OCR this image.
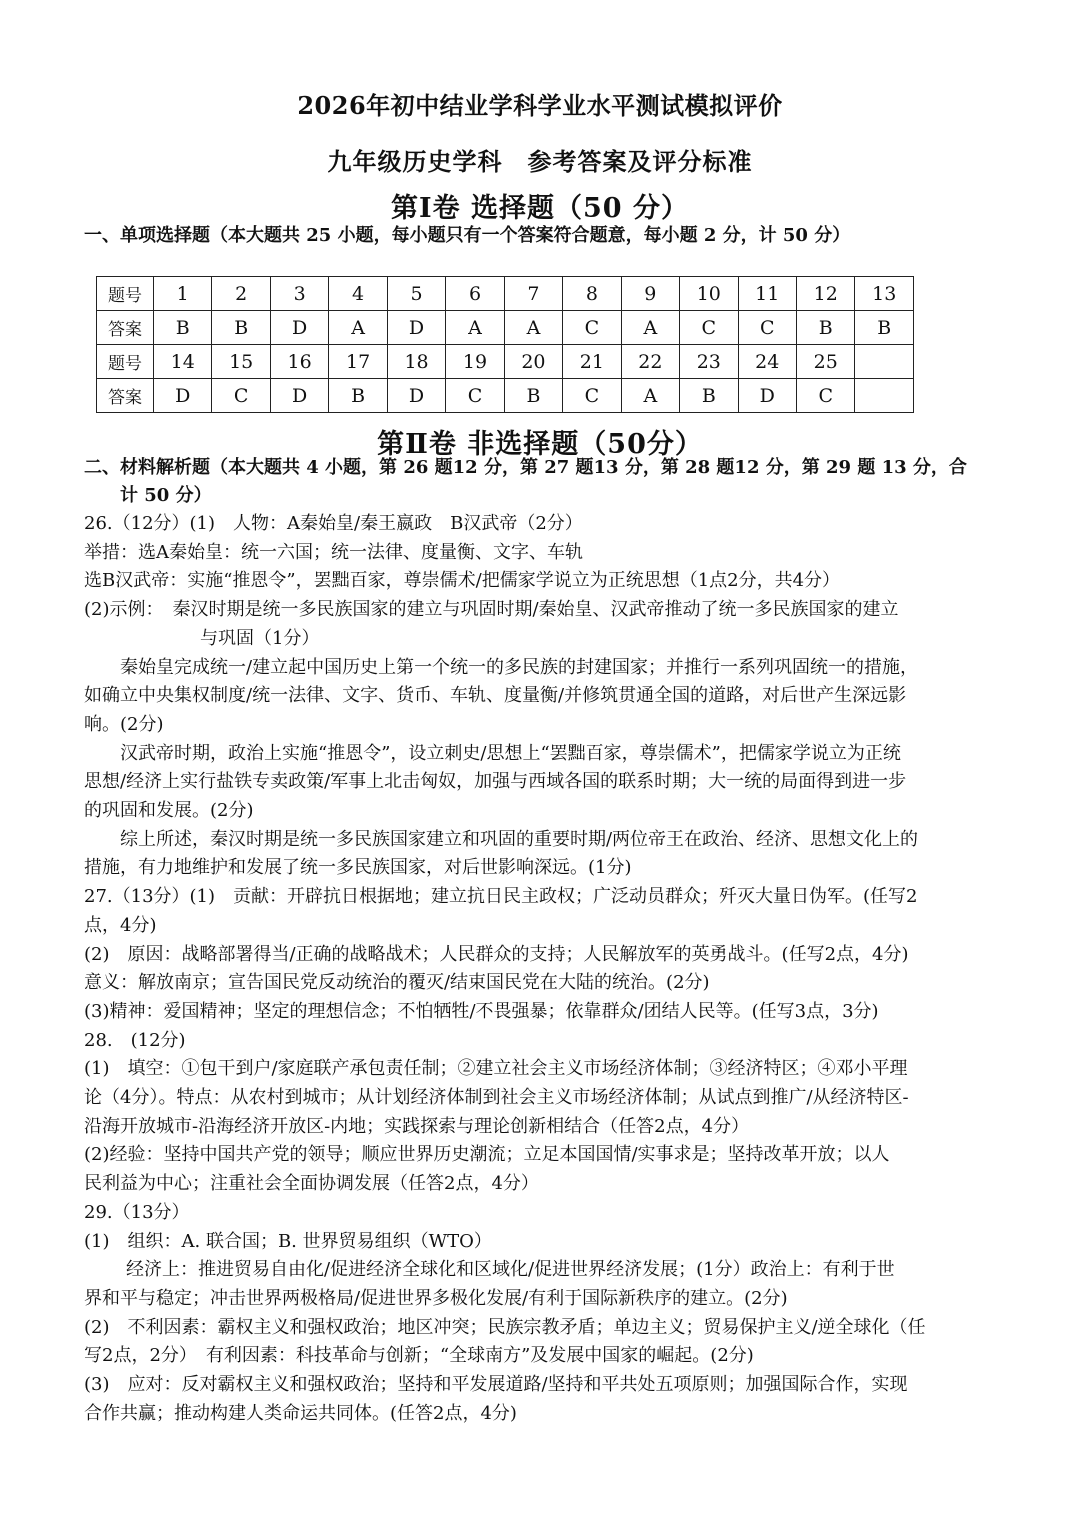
2026年初中结业学科学业水平测试模拟评价
九年级历史学科　参考答案及评分标准
第Ⅰ卷 选择题（50 分）
一、单项选择题（本大题共 25 小题，每小题只有一个答案符合题意，每小题 2 分，计 50 分）
题号	1	2	3	4	5	6	7	8	9	10	11	12	13
答案	B	B	D	A	D	A	A	C	A	C	C	B	B
题号	14	15	16	17	18	19	20	21	22	23	24	25	
答案	D	C	D	B	D	C	B	C	A	B	D	C	
第Ⅱ卷 非选择题（50分）
二、材料解析题（本大题共 4 小题，第 26 题12 分，第 27 题13 分，第 28 题12 分，第 29 题 13 分，合
计 50 分）

26.（12分）(1)　人物：A秦始皇/秦王嬴政　B汉武帝（2分）

举措：选A秦始皇：统一六国；统一法律、度量衡、文字、车轨

选B汉武帝：实施“推恩令”，罢黜百家，尊崇儒术/把儒家学说立为正统思想（1点2分，共4分）

(2)示例：　秦汉时期是统一多民族国家的建立与巩固时期/秦始皇、汉武帝推动了统一多民族国家的建立

与巩固（1分）

秦始皇完成统一/建立起中国历史上第一个统一的多民族的封建国家；并推行一系列巩固统一的措施，

如确立中央集权制度/统一法律、文字、货币、车轨、度量衡/并修筑贯通全国的道路，对后世产生深远影

响。(2分)

汉武帝时期，政治上实施“推恩令”，设立刺史/思想上“罢黜百家，尊崇儒术”，把儒家学说立为正统

思想/经济上实行盐铁专卖政策/军事上北击匈奴，加强与西域各国的联系时期；大一统的局面得到进一步

的巩固和发展。(2分)

综上所述，秦汉时期是统一多民族国家建立和巩固的重要时期/两位帝王在政治、经济、思想文化上的

措施，有力地维护和发展了统一多民族国家，对后世影响深远。(1分)

27.（13分）(1)　贡献：开辟抗日根据地；建立抗日民主政权；广泛动员群众；歼灭大量日伪军。(任写2

点，4分)

(2)　原因：战略部署得当/正确的战略战术；人民群众的支持；人民解放军的英勇战斗。(任写2点，4分)

意义：解放南京；宣告国民党反动统治的覆灭/结束国民党在大陆的统治。(2分)

(3)精神：爱国精神；坚定的理想信念；不怕牺牲/不畏强暴；依靠群众/团结人民等。(任写3点，3分)

28.　(12分)

(1)　填空：①包干到户/家庭联产承包责任制；②建立社会主义市场经济体制；③经济特区；④邓小平理

论（4分）。特点：从农村到城市；从计划经济体制到社会主义市场经济体制；从试点到推广/从经济特区-

沿海开放城市-沿海经济开放区-内地；实践探索与理论创新相结合（任答2点，4分）

(2)经验：坚持中国共产党的领导；顺应世界历史潮流；立足本国国情/实事求是；坚持改革开放；以人

民利益为中心；注重社会全面协调发展（任答2点，4分）

29.（13分）

(1)　组织：A. 联合国；B. 世界贸易组织（WTO）

经济上：推进贸易自由化/促进经济全球化和区域化/促进世界经济发展；(1分）政治上：有利于世

界和平与稳定；冲击世界两极格局/促进世界多极化发展/有利于国际新秩序的建立。(2分)

(2)　不利因素：霸权主义和强权政治；地区冲突；民族宗教矛盾；单边主义；贸易保护主义/逆全球化（任

写2点，2分）　有利因素：科技革命与创新；“全球南方”及发展中国家的崛起。(2分)

(3)　应对：反对霸权主义和强权政治；坚持和平发展道路/坚持和平共处五项原则；加强国际合作，实现

合作共赢；推动构建人类命运共同体。(任答2点，4分)
